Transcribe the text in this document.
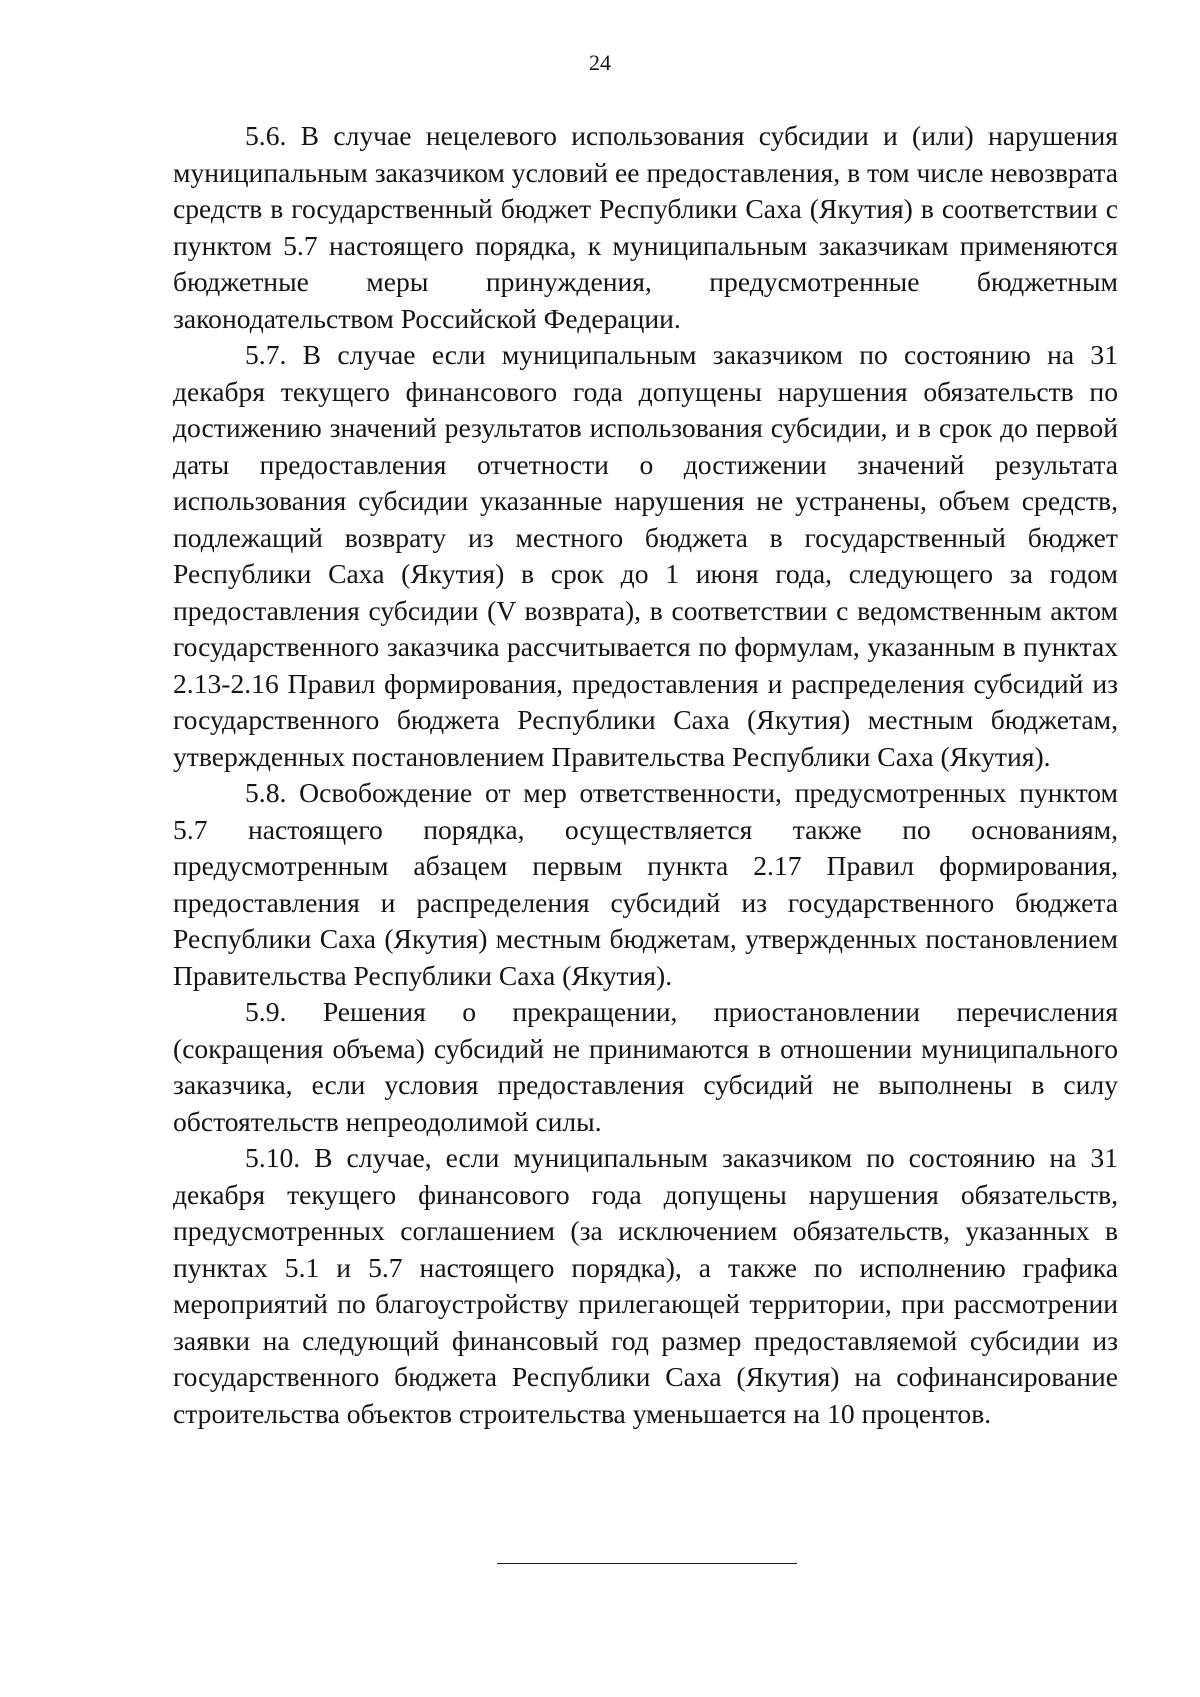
24

5.6. В случае нецелевого использования субсидии и (или) нарушения муниципальным заказчиком условий ее предоставления, в том числе невозврата средств в государственный бюджет Республики Саха (Якутия) в соответствии с пунктом 5.7 настоящего порядка, к муниципальным заказчикам применяются бюджетные меры принуждения, предусмотренные бюджетным законодательством Российской Федерации.

5.7. В случае если муниципальным заказчиком по состоянию на 31 декабря текущего финансового года допущены нарушения обязательств по достижению значений результатов использования субсидии, и в срок до первой даты предоставления отчетности о достижении значений результата использования субсидии указанные нарушения не устранены, объем средств, подлежащий возврату из местного бюджета в государственный бюджет Республики Саха (Якутия) в срок до 1 июня года, следующего за годом предоставления субсидии (V возврата), в соответствии с ведомственным актом государственного заказчика рассчитывается по формулам, указанным в пунктах 2.13-2.16 Правил формирования, предоставления и распределения субсидий из государственного бюджета Республики Саха (Якутия) местным бюджетам, утвержденных постановлением Правительства Республики Саха (Якутия).

5.8. Освобождение от мер ответственности, предусмотренных пунктом 5.7 настоящего порядка, осуществляется также по основаниям, предусмотренным абзацем первым пункта 2.17 Правил формирования, предоставления и распределения субсидий из государственного бюджета Республики Саха (Якутия) местным бюджетам, утвержденных постановлением Правительства Республики Саха (Якутия).

5.9. Решения о прекращении, приостановлении перечисления (сокращения объема) субсидий не принимаются в отношении муниципального заказчика, если условия предоставления субсидий не выполнены в силу обстоятельств непреодолимой силы.

5.10. В случае, если муниципальным заказчиком по состоянию на 31 декабря текущего финансового года допущены нарушения обязательств, предусмотренных соглашением (за исключением обязательств, указанных в пунктах 5.1 и 5.7 настоящего порядка), а также по исполнению графика мероприятий по благоустройству прилегающей территории, при рассмотрении заявки на следующий финансовый год размер предоставляемой субсидии из государственного бюджета Республики Саха (Якутия) на софинансирование строительства объектов строительства уменьшается на 10 процентов.
